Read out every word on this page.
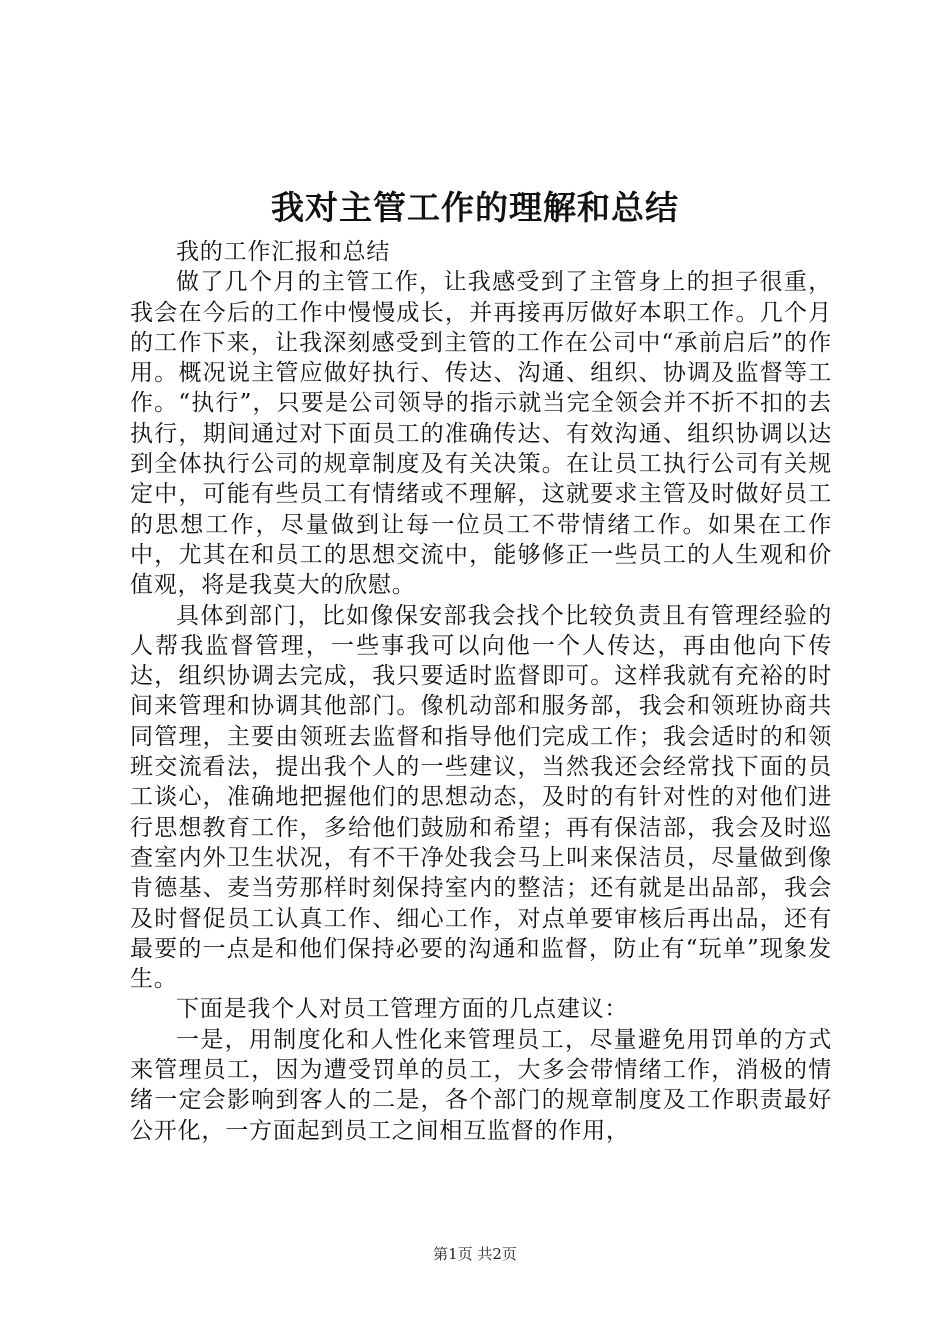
我对主管工作的理解和总结

我的工作汇报和总结

做了几个月的主管工作，让我感受到了主管身上的担子很重，我会在今后的工作中慢慢成长，并再接再厉做好本职工作。几个月的工作下来，让我深刻感受到主管的工作在公司中“承前启后”的作用。概况说主管应做好执行、传达、沟通、组织、协调及监督等工作。“执行”，只要是公司领导的指示就当完全领会并不折不扣的去执行，期间通过对下面员工的准确传达、有效沟通、组织协调以达到全体执行公司的规章制度及有关决策。在让员工执行公司有关规定中，可能有些员工有情绪或不理解，这就要求主管及时做好员工的思想工作，尽量做到让每一位员工不带情绪工作。如果在工作中，尤其在和员工的思想交流中，能够修正一些员工的人生观和价值观，将是我莫大的欣慰。

具体到部门，比如像保安部我会找个比较负责且有管理经验的人帮我监督管理，一些事我可以向他一个人传达，再由他向下传达，组织协调去完成，我只要适时监督即可。这样我就有充裕的时间来管理和协调其他部门。像机动部和服务部，我会和领班协商共同管理，主要由领班去监督和指导他们完成工作；我会适时的和领班交流看法，提出我个人的一些建议，当然我还会经常找下面的员工谈心，准确地把握他们的思想动态，及时的有针对性的对他们进行思想教育工作，多给他们鼓励和希望；再有保洁部，我会及时巡查室内外卫生状况，有不干净处我会马上叫来保洁员，尽量做到像肯德基、麦当劳那样时刻保持室内的整洁；还有就是出品部，我会及时督促员工认真工作、细心工作，对点单要审核后再出品，还有最要的一点是和他们保持必要的沟通和监督，防止有“玩单”现象发生。

下面是我个人对员工管理方面的几点建议：

一是，用制度化和人性化来管理员工，尽量避免用罚单的方式来管理员工，因为遭受罚单的员工，大多会带情绪工作，消极的情绪一定会影响到客人的二是，各个部门的规章制度及工作职责最好公开化，一方面起到员工之间相互监督的作用，

第1页 共2页
